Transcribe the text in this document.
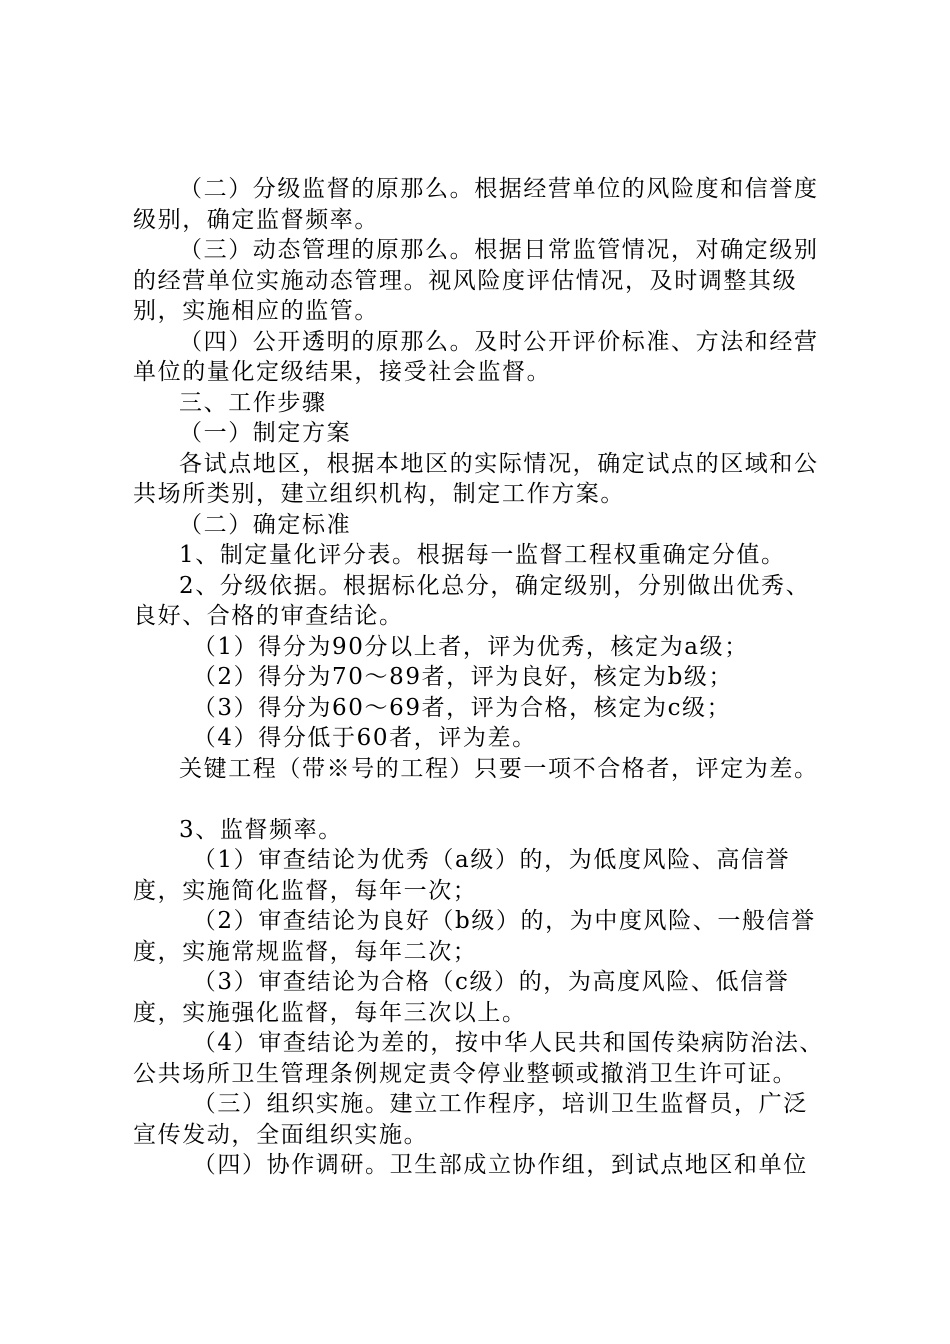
（二）分级监督的原那么。根据经营单位的风险度和信誉度级别，确定监督频率。

（三）动态管理的原那么。根据日常监管情况，对确定级别的经营单位实施动态管理。视风险度评估情况，及时调整其级别，实施相应的监管。

（四）公开透明的原那么。及时公开评价标准、方法和经营单位的量化定级结果，接受社会监督。

三、工作步骤

（一）制定方案

各试点地区，根据本地区的实际情况，确定试点的区域和公共场所类别，建立组织机构，制定工作方案。

（二）确定标准

1、制定量化评分表。根据每一监督工程权重确定分值。

2、分级依据。根据标化总分，确定级别，分别做出优秀、良好、合格的审查结论。

（1）得分为90分以上者，评为优秀，核定为a级；

（2）得分为70～89者，评为良好，核定为b级；

（3）得分为60～69者，评为合格，核定为c级；

（4）得分低于60者，评为差。

关键工程（带※号的工程）只要一项不合格者，评定为差。

3、监督频率。

（1）审查结论为优秀（a级）的，为低度风险、高信誉度，实施简化监督，每年一次；

（2）审查结论为良好（b级）的，为中度风险、一般信誉度，实施常规监督，每年二次；

（3）审查结论为合格（c级）的，为高度风险、低信誉度，实施强化监督，每年三次以上。

（4）审查结论为差的，按中华人民共和国传染病防治法、公共场所卫生管理条例规定责令停业整顿或撤消卫生许可证。

（三）组织实施。建立工作程序，培训卫生监督员，广泛宣传发动，全面组织实施。

（四）协作调研。卫生部成立协作组，到试点地区和单位
